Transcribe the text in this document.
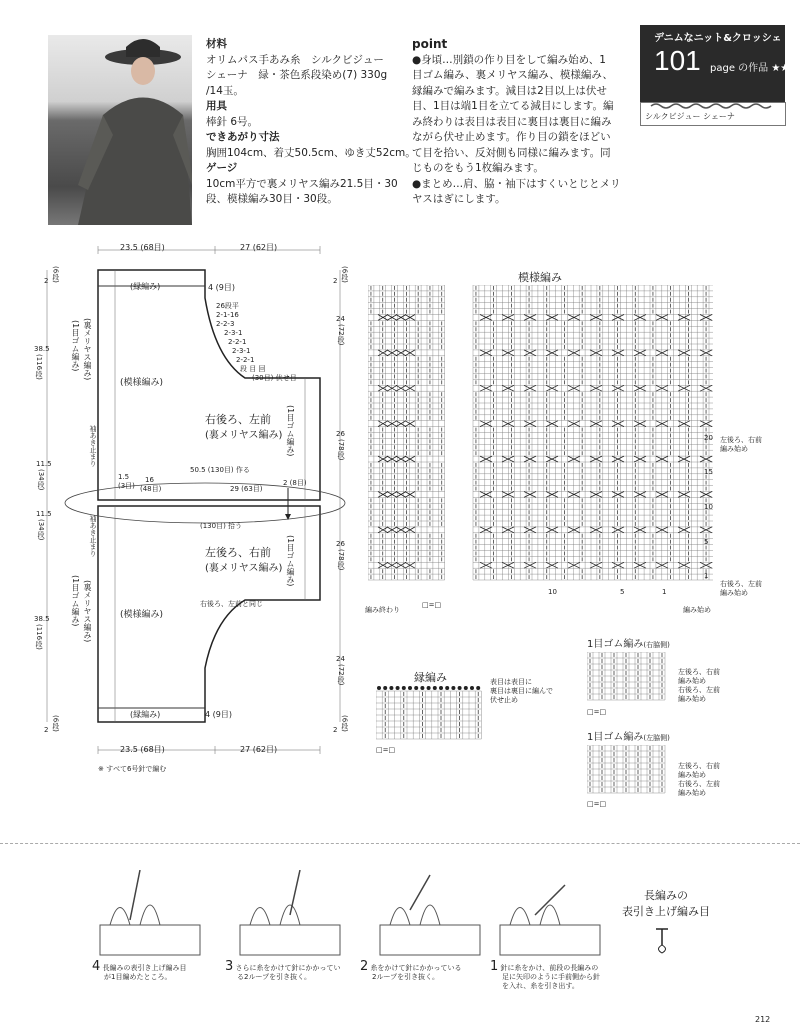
材料
オリムパス手あみ糸　シルクビジュー
シェーナ　緑・茶色系段染め(7) 330g
/14玉。
用具
棒針 6号。
できあがり寸法
胸囲104cm、着丈50.5cm、ゆき丈52cm。
ゲージ
10cm平方で裏メリヤス編み21.5目・30
段、模様編み30目・30段。
point
●身頃…別鎖の作り目をして編み始め、1
目ゴム編み、裏メリヤス編み、模様編み、
縁編みで編みます。減目は2目以上は伏せ
目、1目は端1目を立てる減目にします。編
み終わりは表目は表目に裏目は裏目に編み
ながら伏せ止めます。作り目の鎖をほどい
て目を拾い、反対側も同様に編みます。同
じものをもう1枚編みます。
●まとめ…肩、脇・袖下はすくいとじとメリ
ヤスはぎにします。
デニムなニット&クロッシェ
101 page の作品 ★★
シルクビジュー シェーナ
23.5 (68目)	27 (62目)
23.5 (68目)	27 (62目)
(縁編み)
(縁編み)
4 (9目)
4 (9目)
(模様編み)
(模様編み)
26段平
2-1-16
2-2-3
2-3-1
2-2-1
2-3-1
2-2-1
段 目 回
(30目) 伏せ目
右後ろ、左前
(裏メリヤス編み)
左後ろ、右前
(裏メリヤス編み)
(1目ゴム編み)
(1目ゴム編み)
(裏メリヤス編み)
(1目ゴム編み)
(裏メリヤス編み)
(1目ゴム編み)
50.5 (130目) 作る
(130目) 拾う
1.5
(3目)
16
(48目)	29 (63目)
2 (8目)
右後ろ、左前と同じ
38.5
(116段)
11.5
(34段)
11.5
(34段)
38.5
(116段)
2 (6段)
2 (6段)
袖あき止まり
袖あき止まり
2 (6段)
24
(72段)
26
(78段)
26
(78段)
24
(72段)
2 (6段)
※ すべて6号針で編む
模様編み
20
15
10
5
1
10	5	1
左後ろ、右前
編み始め
右後ろ、左前
編み始め
編み終わり	編み始め
□=□
縁編み	表目は表目に
裏目は裏目に編んで
伏せ止め
□=□
1目ゴム編み(右脇側)
左後ろ、右前
編み始め
右後ろ、左前
編み始め
□=□
1目ゴム編み(左脇側)
左後ろ、右前
編み始め
右後ろ、左前
編み始め
□=□
長編みの
表引き上げ編み目
4 長編みの表引き上げ編み目
が1目編めたところ。
3 さらに糸をかけて針にかかってい
る2ループを引き抜く。
2 糸をかけて針にかかっている
2ループを引き抜く。
1 針に糸をかけ、前段の長編みの
足に矢印のように手前側から針
を入れ、糸を引き出す。
212
